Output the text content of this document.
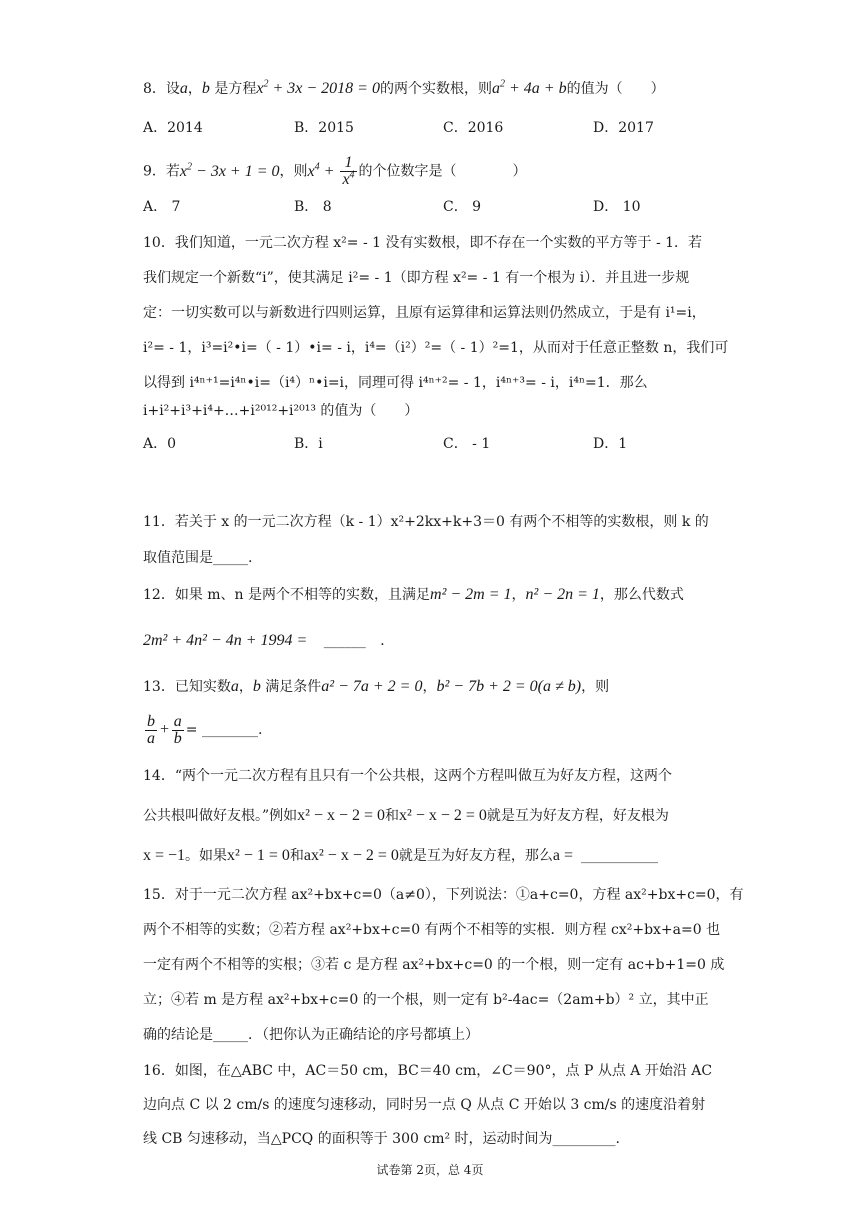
8．设a，b 是方程$x^2 + 3x - 2018 = 0$的两个实数根，则$a^2 + 4a + b$的值为（　　）
A．2014	B．2015	C．2016	D．2017
9．若$x^2 - 3x + 1 = 0$，则$x^4 + \frac{1}{x^4}$ 的个位数字是（　　　　）
A． 7	B． 8	C． 9	D． 10
10．我们知道，一元二次方程 x²= - 1 没有实数根，即不存在一个实数的平方等于 - 1．若
我们规定一个新数“i”，使其满足 i²= - 1（即方程 x²= - 1 有一个根为 i）．并且进一步规
定：一切实数可以与新数进行四则运算，且原有运算律和运算法则仍然成立，于是有 i¹=i，
i²= - 1，i³=i²•i=（ - 1）•i= - i，i⁴=（i²）²=（ - 1）²=1，从而对于任意正整数 n，我们可
以得到 i⁴ⁿ⁺¹=i⁴ⁿ•i=（i⁴）ⁿ•i=i，同理可得 i⁴ⁿ⁺²= - 1，i⁴ⁿ⁺³= - i，i⁴ⁿ=1．那么
i+i²+i³+i⁴+…+i²⁰¹²+i²⁰¹³ 的值为（　　）
A．0	B．i	C． - 1	D．1
11．若关于 x 的一元二次方程（k - 1）x²+2kx+k+3＝0 有两个不相等的实数根，则 k 的
取值范围是_____.
12．如果 m、n 是两个不相等的实数，且满足m² − 2m = 1，n² − 2n = 1，那么代数式
2m² + 4n² − 4n + 1994 = ______ ．
13．已知实数a，b 满足条件a² − 7a + 2 = 0，b² − 7b + 2 = 0(a ≠ b)，则
$\frac{b}{a} + \frac{a}{b}$ = ________.
14．“两个一元二次方程有且只有一个公共根，这两个方程叫做互为好友方程，这两个
公共根叫做好友根。”例如x² − x − 2 = 0和x² − x − 2 = 0就是互为好友方程，好友根为
x = −1。如果x² − 1 = 0和ax² − x − 2 = 0就是互为好友方程，那么a = ___________
15．对于一元二次方程 ax²+bx+c=0（a≠0），下列说法：①a+c=0，方程 ax²+bx+c=0，有
两个不相等的实数；②若方程 ax²+bx+c=0 有两个不相等的实根．则方程 cx²+bx+a=0 也
一定有两个不相等的实根；③若 c 是方程 ax²+bx+c=0 的一个根，则一定有 ac+b+1=0 成
立；④若 m 是方程 ax²+bx+c=0 的一个根，则一定有 b²-4ac=（2am+b）² 立，其中正
确的结论是_____．（把你认为正确结论的序号都填上）
16．如图，在△ABC 中，AC＝50 cm，BC＝40 cm，∠C＝90°，点 P 从点 A 开始沿 AC
边向点 C 以 2 cm/s 的速度匀速移动，同时另一点 Q 从点 C 开始以 3 cm/s 的速度沿着射
线 CB 匀速移动，当△PCQ 的面积等于 300 cm² 时，运动时间为_________.
试卷第 2页，总 4页
